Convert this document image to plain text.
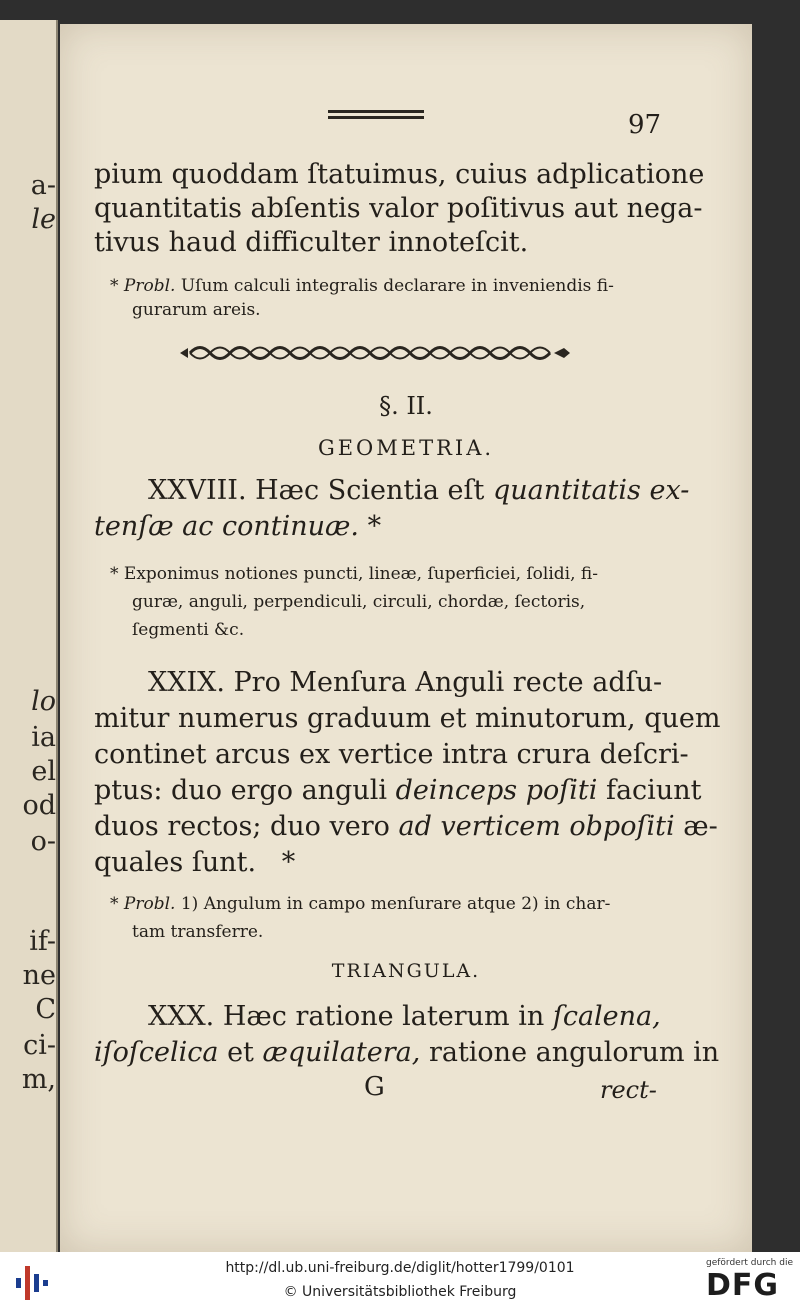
a-
le
lo
ia
el
od
o-
if-
ne
C
ci-
m,
97
pium quoddam ſtatuimus, cuius adplicatione
quantitatis abſentis valor poſitivus aut nega-
tivus haud difficulter innoteſcit.
* Probl. Uſum calculi integralis declarare in inveniendis fi-
gurarum areis.
§. II.
GEOMETRIA.
XXVIII. Hæc Scientia eſt quantitatis ex-
tenſæ ac continuæ. *
* Exponimus notiones puncti, lineæ, ſuperficiei, ſolidi, fi-
guræ, anguli, perpendiculi, circuli, chordæ, ſectoris,
ſegmenti &c.
XXIX. Pro Menſura Anguli recte adſu-
mitur numerus graduum et minutorum, quem
continet arcus ex vertice intra crura deſcri-
ptus: duo ergo anguli deinceps poſiti faciunt
duos rectos; duo vero ad verticem obpoſiti æ-
quales ſunt.   *
* Probl. 1) Angulum in campo menſurare atque 2) in char-
tam transferre.
TRIANGULA.
XXX. Hæc ratione laterum in ſcalena,
iſoſcelica et æquilatera, ratione angulorum in
G	rect-
http://dl.ub.uni-freiburg.de/diglit/hotter1799/0101
© Universitätsbibliothek Freiburg
gefördert durch die
DFG
